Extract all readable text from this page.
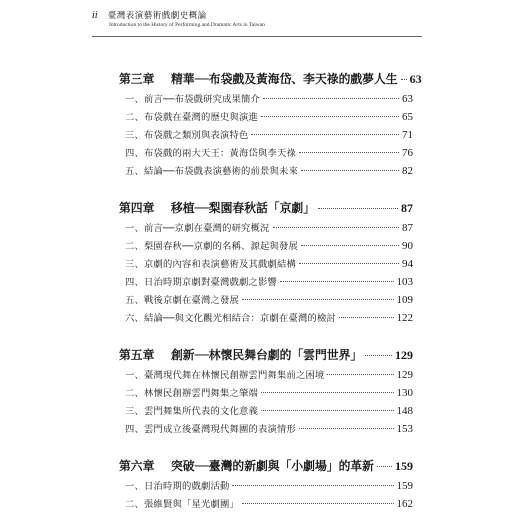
ii 臺灣表演藝術戲劇史概論
Introduction to the History of Performing and Dramatic Arts in Taiwan
第三章	精華──布袋戲及黃海岱、李天祿的戲夢人生 63
一、前言──布袋戲研究成果簡介	63
二、布袋戲在臺灣的歷史與演進	65
三、布袋戲之類別與表演特色	71
四、布袋戲的兩大天王：黃海岱與李天祿	76
五、結論──布袋戲表演藝術的前景與未來	82
第四章	移植──梨園春秋話「京劇」	87
一、前言──京劇在臺灣的研究概況	87
二、梨園春秋──京劇的名稱、源起與發展	90
三、京劇的內容和表演藝術及其戲劇結構	94
四、日治時期京劇對臺灣戲劇之影響	103
五、戰後京劇在臺灣之發展	109
六、結論──與文化觀光相結合：京劇在臺灣的檢討	122
第五章	創新──林懷民舞台劇的「雲門世界」	129
一、臺灣現代舞在林懷民創辦雲門舞集前之困境	129
二、林懷民創辦雲門舞集之肇端	130
三、雲門舞集所代表的文化意義	148
四、雲門成立後臺灣現代舞團的表演情形	153
第六章	突破──臺灣的新劇與「小劇場」的革新 159
一、日治時期的戲劇活動	159
二、張維賢與「星光劇團」	162
